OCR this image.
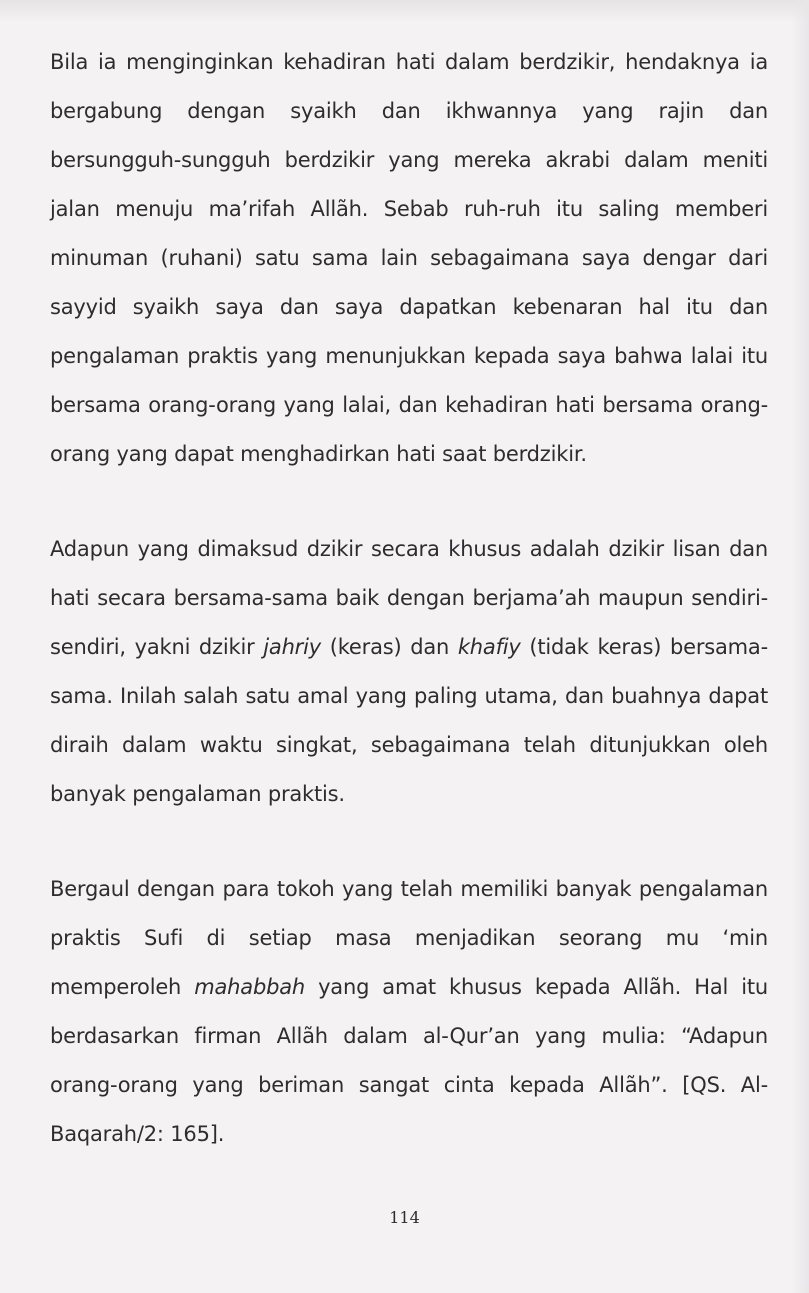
Bila ia menginginkan kehadiran hati dalam berdzikir, hendaknya ia bergabung dengan syaikh dan ikhwannya yang rajin dan bersungguh-sungguh berdzikir yang mereka akrabi dalam meniti jalan menuju ma’rifah Allãh. Sebab ruh-ruh itu saling memberi minuman (ruhani) satu sama lain sebagaimana saya dengar dari sayyid syaikh saya dan saya dapatkan kebenaran hal itu dan pengalaman praktis yang menunjukkan kepada saya bahwa lalai itu bersama orang-orang yang lalai, dan kehadiran hati bersama orang-orang yang dapat menghadirkan hati saat berdzikir.

Adapun yang dimaksud dzikir secara khusus adalah dzikir lisan dan hati secara bersama-sama baik dengan berjama’ah maupun sendiri-sendiri, yakni dzikir jahriy (keras) dan khafiy (tidak keras) bersama-sama. Inilah salah satu amal yang paling utama, dan buahnya dapat diraih dalam waktu singkat, sebagaimana telah ditunjukkan oleh banyak pengalaman praktis.

Bergaul dengan para tokoh yang telah memiliki banyak pengalaman praktis Sufi di setiap masa menjadikan seorang mu ‘min memperoleh mahabbah yang amat khusus kepada Allãh. Hal itu berdasarkan firman Allãh dalam al-Qur’an yang mulia: “Adapun orang-orang yang beriman sangat cinta kepada Allãh”. [QS. Al-Baqarah/2: 165].

114
